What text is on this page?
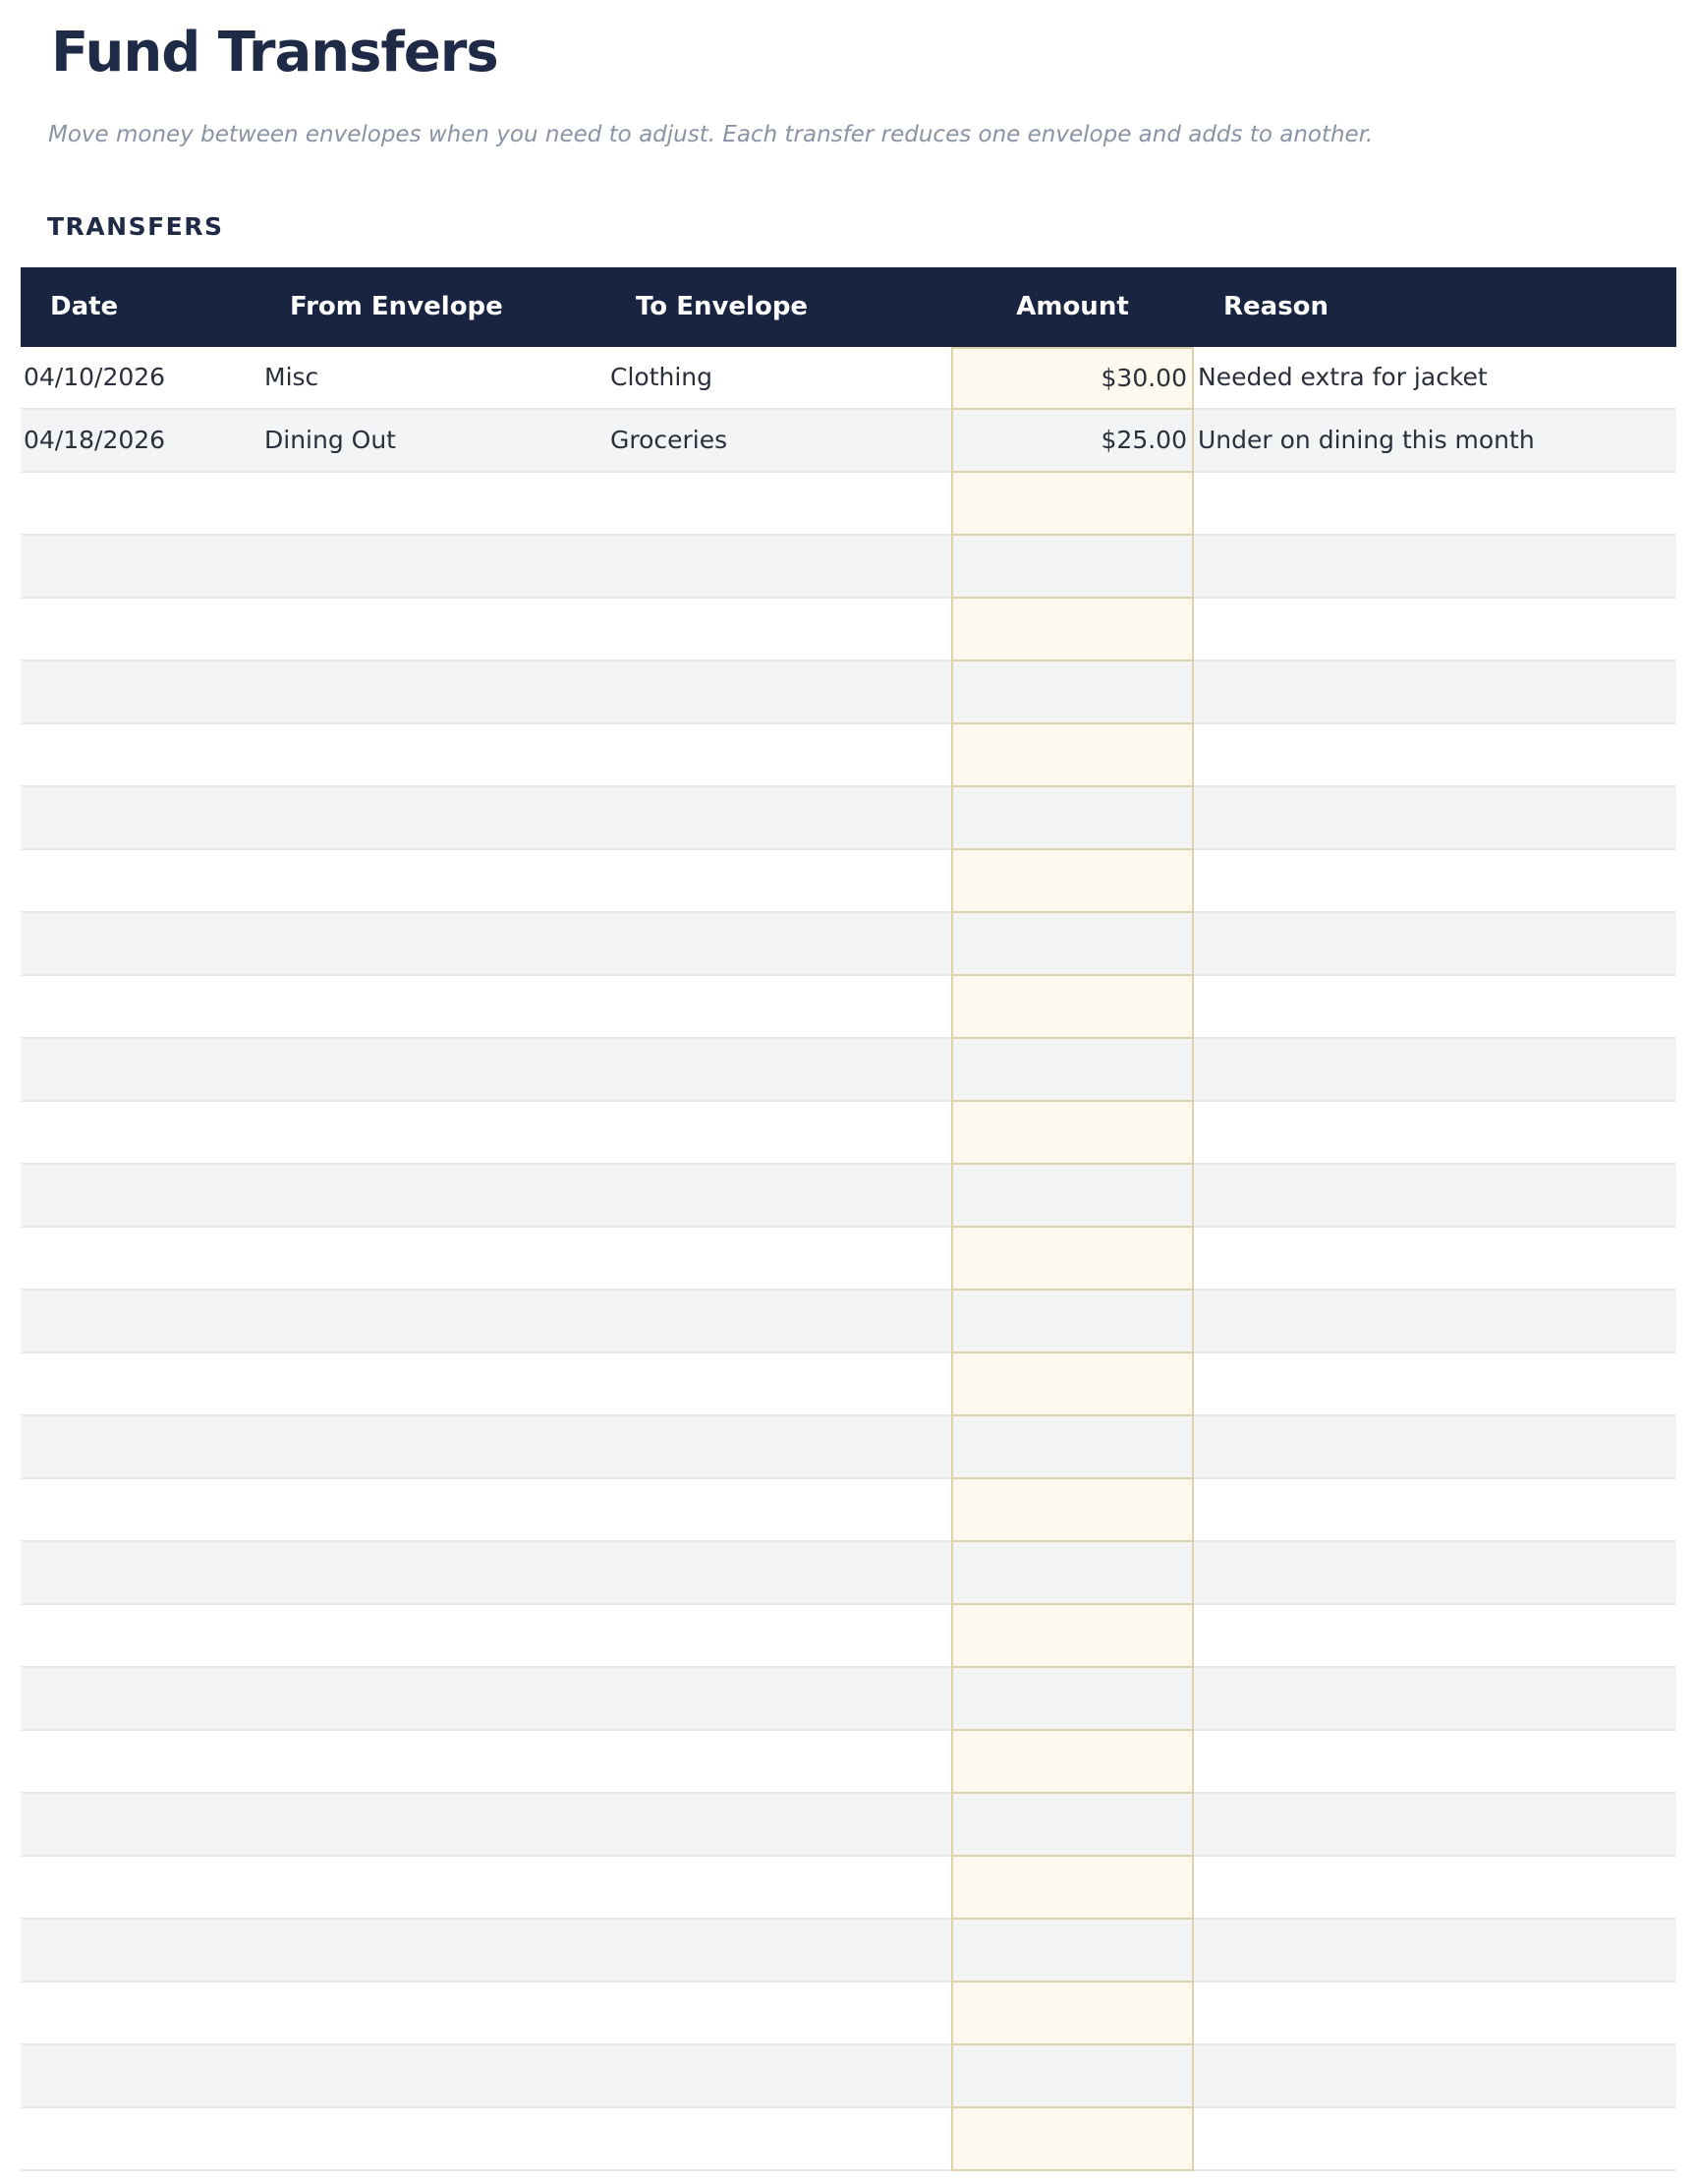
Fund Transfers

Move money between envelopes when you need to adjust. Each transfer reduces one envelope and adds to another.

TRANSFERS
Date	From Envelope	To Envelope	Amount	Reason
04/10/2026	Misc	Clothing	$30.00	Needed extra for jacket
04/18/2026	Dining Out	Groceries	$25.00	Under on dining this month
